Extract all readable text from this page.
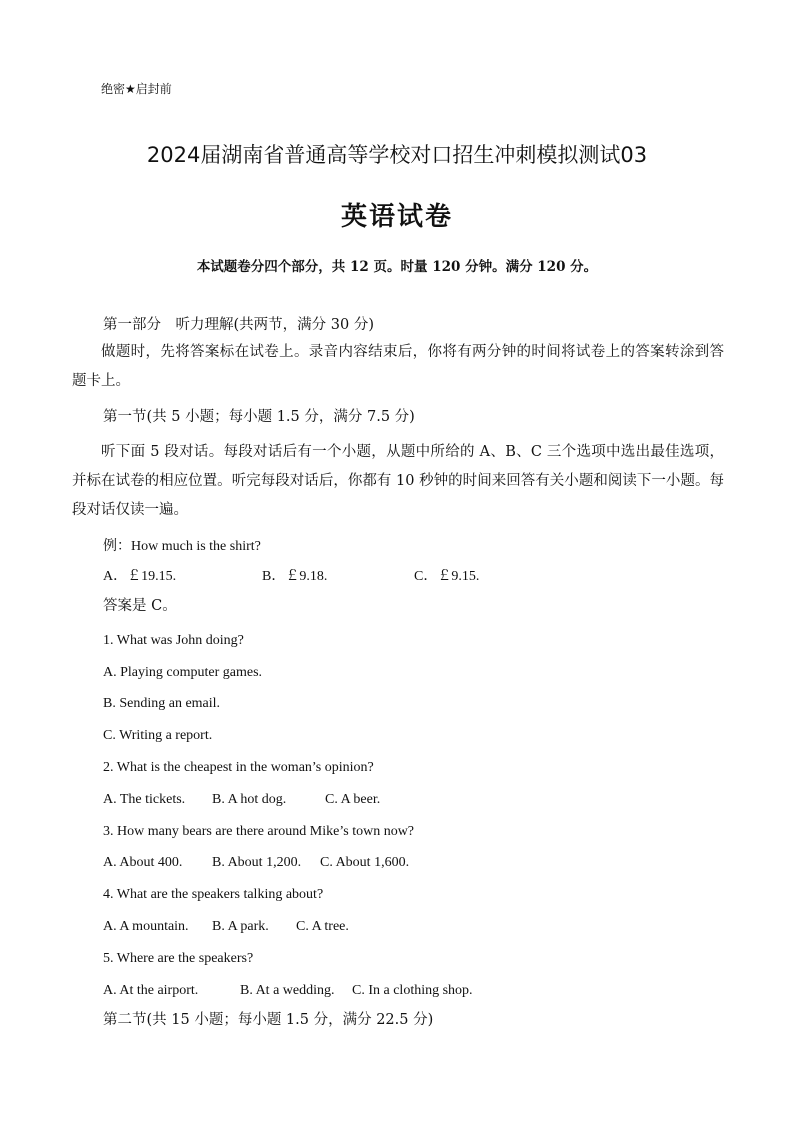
绝密★启封前
2024届湖南省普通高等学校对口招生冲刺模拟测试03
英语试卷
本试题卷分四个部分，共 12 页。时量 120 分钟。满分 120 分。
第一部分　听力理解(共两节，满分 30 分)
做题时，先将答案标在试卷上。录音内容结束后，你将有两分钟的时间将试卷上的答案转涂到答题卡上。
第一节(共 5 小题；每小题 1.5 分，满分 7.5 分)
听下面 5 段对话。每段对话后有一个小题，从题中所给的 A、B、C 三个选项中选出最佳选项，并标在试卷的相应位置。听完每段对话后，你都有 10 秒钟的时间来回答有关小题和阅读下一小题。每段对话仅读一遍。
例：How much is the shirt?
A．￡19.15.	B．￡9.18.	C．￡9.15.
答案是 C。
1. What was John doing?
A. Playing computer games.
B. Sending an email.
C. Writing a report.
2. What is the cheapest in the woman’s opinion?
A. The tickets. B. A hot dog.	C. A beer.
3. How many bears are there around Mike’s town now?
A. About 400. B. About 1,200. C. About 1,600.
4. What are the speakers talking about?
A. A mountain. B. A park. C. A tree.
5. Where are the speakers?
A. At the airport.	B. At a wedding. C. In a clothing shop.
第二节(共 15 小题；每小题 1.5 分，满分 22.5 分)
